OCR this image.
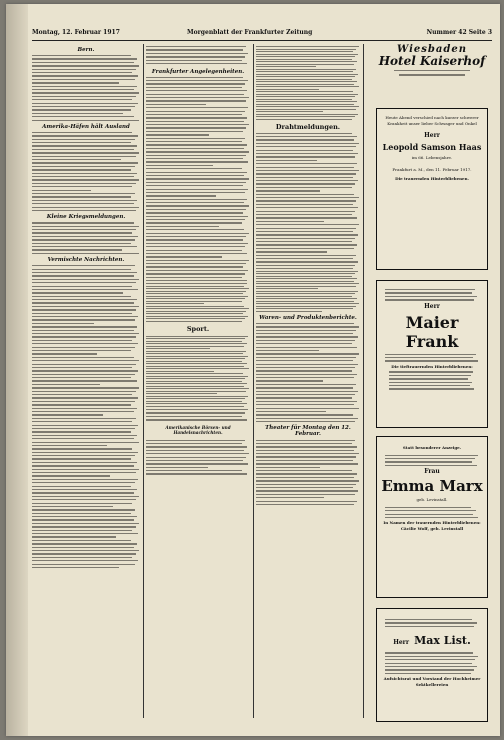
Montag, 12. Februar 1917	Morgenblatt der Frankfurter Zeitung	Nummer 42 Seite 3
Bern.
Amerika-Häfen hält Ausland
Kleine Kriegsmeldungen.
Vermischte Nachrichten.
Drahtmeldungen.
Waren- und Produktenberichte.
Theater für Montag den 12. Februar.
Wiesbaden
Hotel Kaiserhof
Heute Abend verschied nach kurzer schwerer Krankheit unser lieber Schwager und Onkel
Herr
Leopold Samson Haas
im 66. Lebensjahre.
Frankfurt a. M., den 11. Februar 1917.
Die trauernden Hinterbliebenen.
Herr
Maier Frank
Die tieftrauernden Hinterbliebenen:
Statt besonderer Anzeige.
Frau
Emma Marx
geb. Levinstall.
In Namen der trauernden Hinterbliebenen: Cäcilie Wolf, geb. Levinstall
Herr Max List.
Aufsichtsrat und Vorstand der Hochheimer Sektkellereien
Frankfurter Angelegenheiten.
Sport.
Amerikanische Börsen- und Handelsnachrichten.
